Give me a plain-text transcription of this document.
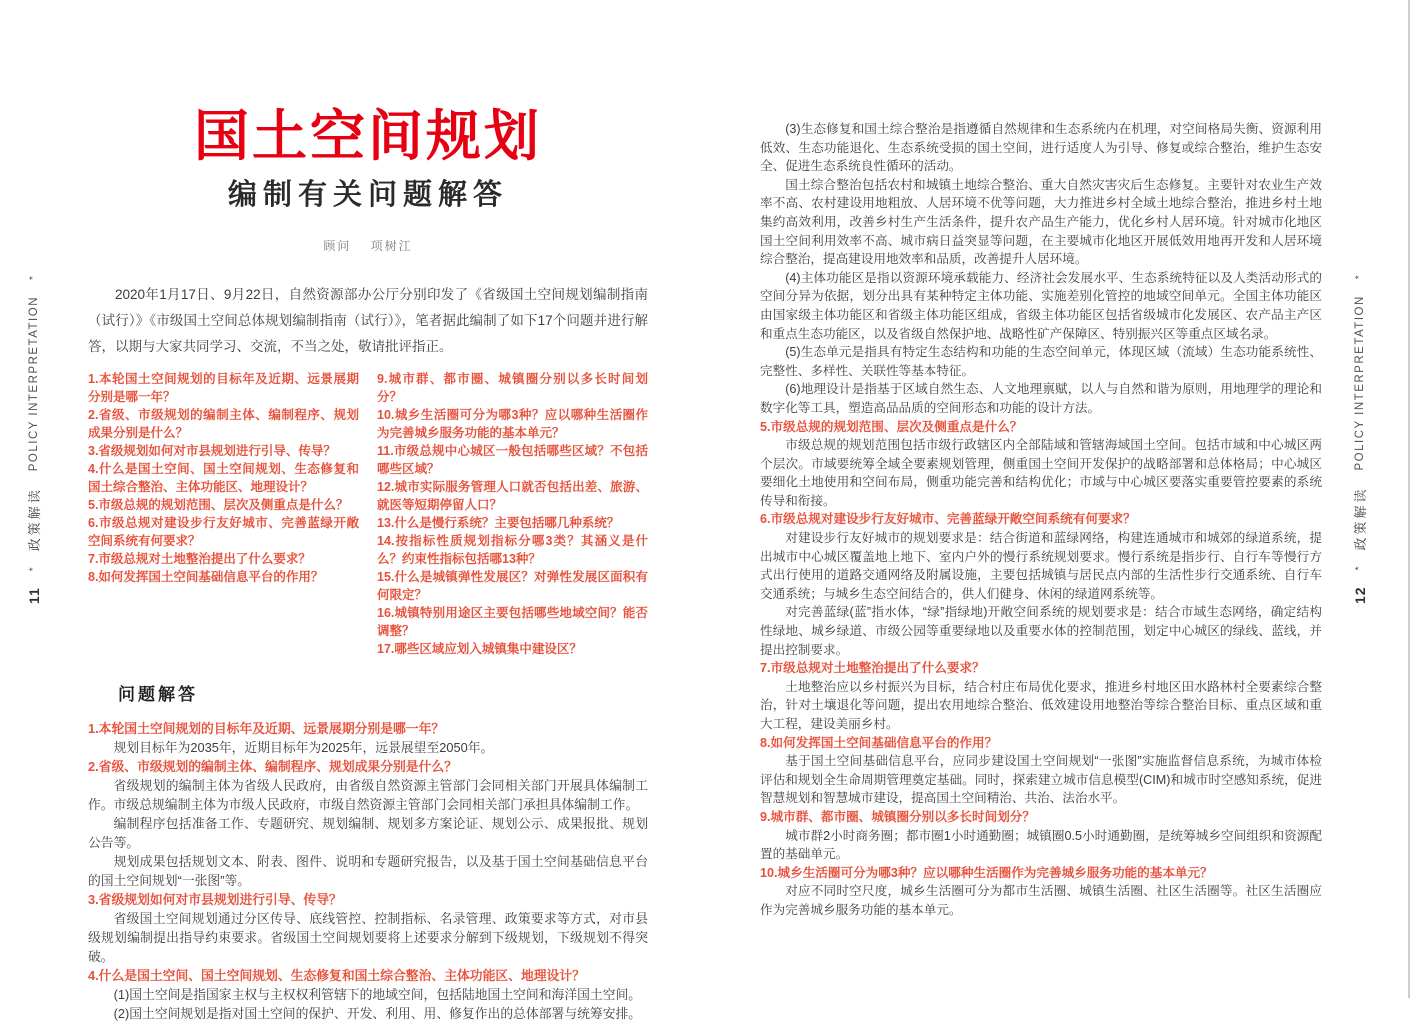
11
*
政策解读
POLICY INTERPRETATION
*
12
*
政策解读
POLICY INTERPRETATION
*
国土空间规划
编制有关问题解答
顾问 项树江
2020年1月17日、9月22日，自然资源部办公厅分别印发了《省级国土空间规划编制指南（试行）》《市级国土空间总体规划编制指南（试行）》，笔者据此编制了如下17个问题并进行解答，以期与大家共同学习、交流，不当之处，敬请批评指正。
1.本轮国土空间规划的目标年及近期、远景展期分别是哪一年？
2.省级、市级规划的编制主体、编制程序、规划成果分别是什么？
3.省级规划如何对市县规划进行引导、传导？
4.什么是国土空间、国土空间规划、生态修复和国土综合整治、主体功能区、地理设计？
5.市级总规的规划范围、层次及侧重点是什么？
6.市级总规对建设步行友好城市、完善蓝绿开敞空间系统有何要求？
7.市级总规对土地整治提出了什么要求？
8.如何发挥国土空间基础信息平台的作用？
9.城市群、都市圈、城镇圈分别以多长时间划分？
10.城乡生活圈可分为哪3种？应以哪种生活圈作为完善城乡服务功能的基本单元？
11.市级总规中心城区一般包括哪些区域？不包括哪些区域？
12.城市实际服务管理人口就否包括出差、旅游、就医等短期停留人口？
13.什么是慢行系统？主要包括哪几种系统？
14.按指标性质规划指标分哪3类？其涵义是什么？约束性指标包括哪13种？
15.什么是城镇弹性发展区？对弹性发展区面积有何限定？
16.城镇特别用途区主要包括哪些地域空间？能否调整？
17.哪些区域应划入城镇集中建设区？
问题解答
1.本轮国土空间规划的目标年及近期、远景展期分别是哪一年？
规划目标年为2035年，近期目标年为2025年，远景展望至2050年。
2.省级、市级规划的编制主体、编制程序、规划成果分别是什么？
省级规划的编制主体为省级人民政府，由省级自然资源主管部门会同相关部门开展具体编制工作。市级总规编制主体为市级人民政府，市级自然资源主管部门会同相关部门承担具体编制工作。
编制程序包括准备工作、专题研究、规划编制、规划多方案论证、规划公示、成果报批、规划公告等。
规划成果包括规划文本、附表、图件、说明和专题研究报告，以及基于国土空间基础信息平台的国土空间规划“一张图”等。
3.省级规划如何对市县规划进行引导、传导？
省级国土空间规划通过分区传导、底线管控、控制指标、名录管理、政策要求等方式，对市县级规划编制提出指导约束要求。省级国土空间规划要将上述要求分解到下级规划，下级规划不得突破。
4.什么是国土空间、国土空间规划、生态修复和国土综合整治、主体功能区、地理设计？
(1)国土空间是指国家主权与主权权利管辖下的地域空间，包括陆地国土空间和海洋国土空间。
(2)国土空间规划是指对国土空间的保护、开发、利用、用、修复作出的总体部署与统筹安排。
(3)生态修复和国土综合整治是指遵循自然规律和生态系统内在机理，对空间格局失衡、资源利用低效、生态功能退化、生态系统受损的国土空间，进行适度人为引导、修复或综合整治，维护生态安全、促进生态系统良性循环的活动。
国土综合整治包括农村和城镇土地综合整治、重大自然灾害灾后生态修复。主要针对农业生产效率不高、农村建设用地粗放、人居环境不优等问题，大力推进乡村全域土地综合整治，推进乡村土地集约高效利用，改善乡村生产生活条件，提升农产品生产能力，优化乡村人居环境。针对城市化地区国土空间利用效率不高、城市病日益突显等问题，在主要城市化地区开展低效用地再开发和人居环境综合整治，提高建设用地效率和品质，改善提升人居环境。
(4)主体功能区是指以资源环境承载能力、经济社会发展水平、生态系统特征以及人类活动形式的空间分异为依据，划分出具有某种特定主体功能、实施差别化管控的地域空间单元。全国主体功能区由国家级主体功能区和省级主体功能区组成，省级主体功能区包括省级城市化发展区、农产品主产区和重点生态功能区，以及省级自然保护地、战略性矿产保障区、特别振兴区等重点区域名录。
(5)生态单元是指具有特定生态结构和功能的生态空间单元，体现区域（流域）生态功能系统性、完整性、多样性、关联性等基本特征。
(6)地理设计是指基于区域自然生态、人文地理禀赋，以人与自然和谐为原则，用地理学的理论和数字化等工具，塑造高品品质的空间形态和功能的设计方法。
5.市级总规的规划范围、层次及侧重点是什么？
市级总规的规划范围包括市级行政辖区内全部陆域和管辖海域国土空间。包括市域和中心城区两个层次。市域要统筹全域全要素规划管理，侧重国土空间开发保护的战略部署和总体格局；中心城区要细化土地使用和空间布局，侧重功能完善和结构优化；市域与中心城区要落实重要管控要素的系统传导和衔接。
6.市级总规对建设步行友好城市、完善蓝绿开敞空间系统有何要求？
对建设步行友好城市的规划要求是：结合街道和蓝绿网络，构建连通城市和城郊的绿道系统，提出城市中心城区覆盖地上地下、室内户外的慢行系统规划要求。慢行系统是指步行、自行车等慢行方式出行使用的道路交通网络及附属设施，主要包括城镇与居民点内部的生活性步行交通系统、自行车交通系统；与城乡生态空间结合的，供人们健身、休闲的绿道网系统等。
对完善蓝绿(蓝”指水体，“绿”指绿地)开敞空间系统的规划要求是：结合市域生态网络，确定结构性绿地、城乡绿道、市级公园等重要绿地以及重要水体的控制范围，划定中心城区的绿线、蓝线，并提出控制要求。
7.市级总规对土地整治提出了什么要求？
土地整治应以乡村振兴为目标，结合村庄布局优化要求，推进乡村地区田水路林村全要素综合整治，针对土壤退化等问题，提出农用地综合整治、低效建设用地整治等综合整治目标、重点区域和重大工程，建设美丽乡村。
8.如何发挥国土空间基础信息平台的作用？
基于国土空间基础信息平台，应同步建设国土空间规划“一张图”实施监督信息系统，为城市体检评估和规划全生命周期管理奠定基础。同时，探索建立城市信息模型(CIM)和城市时空感知系统，促进智慧规划和智慧城市建设，提高国土空间精治、共治、法治水平。
9.城市群、都市圈、城镇圈分别以多长时间划分？
城市群2小时商务圈；都市圈1小时通勤圈；城镇圈0.5小时通勤圈，是统筹城乡空间组织和资源配置的基础单元。
10.城乡生活圈可分为哪3种？应以哪种生活圈作为完善城乡服务功能的基本单元？
对应不同时空尺度，城乡生活圈可分为都市生活圈、城镇生活圈、社区生活圈等。社区生活圈应作为完善城乡服务功能的基本单元。
